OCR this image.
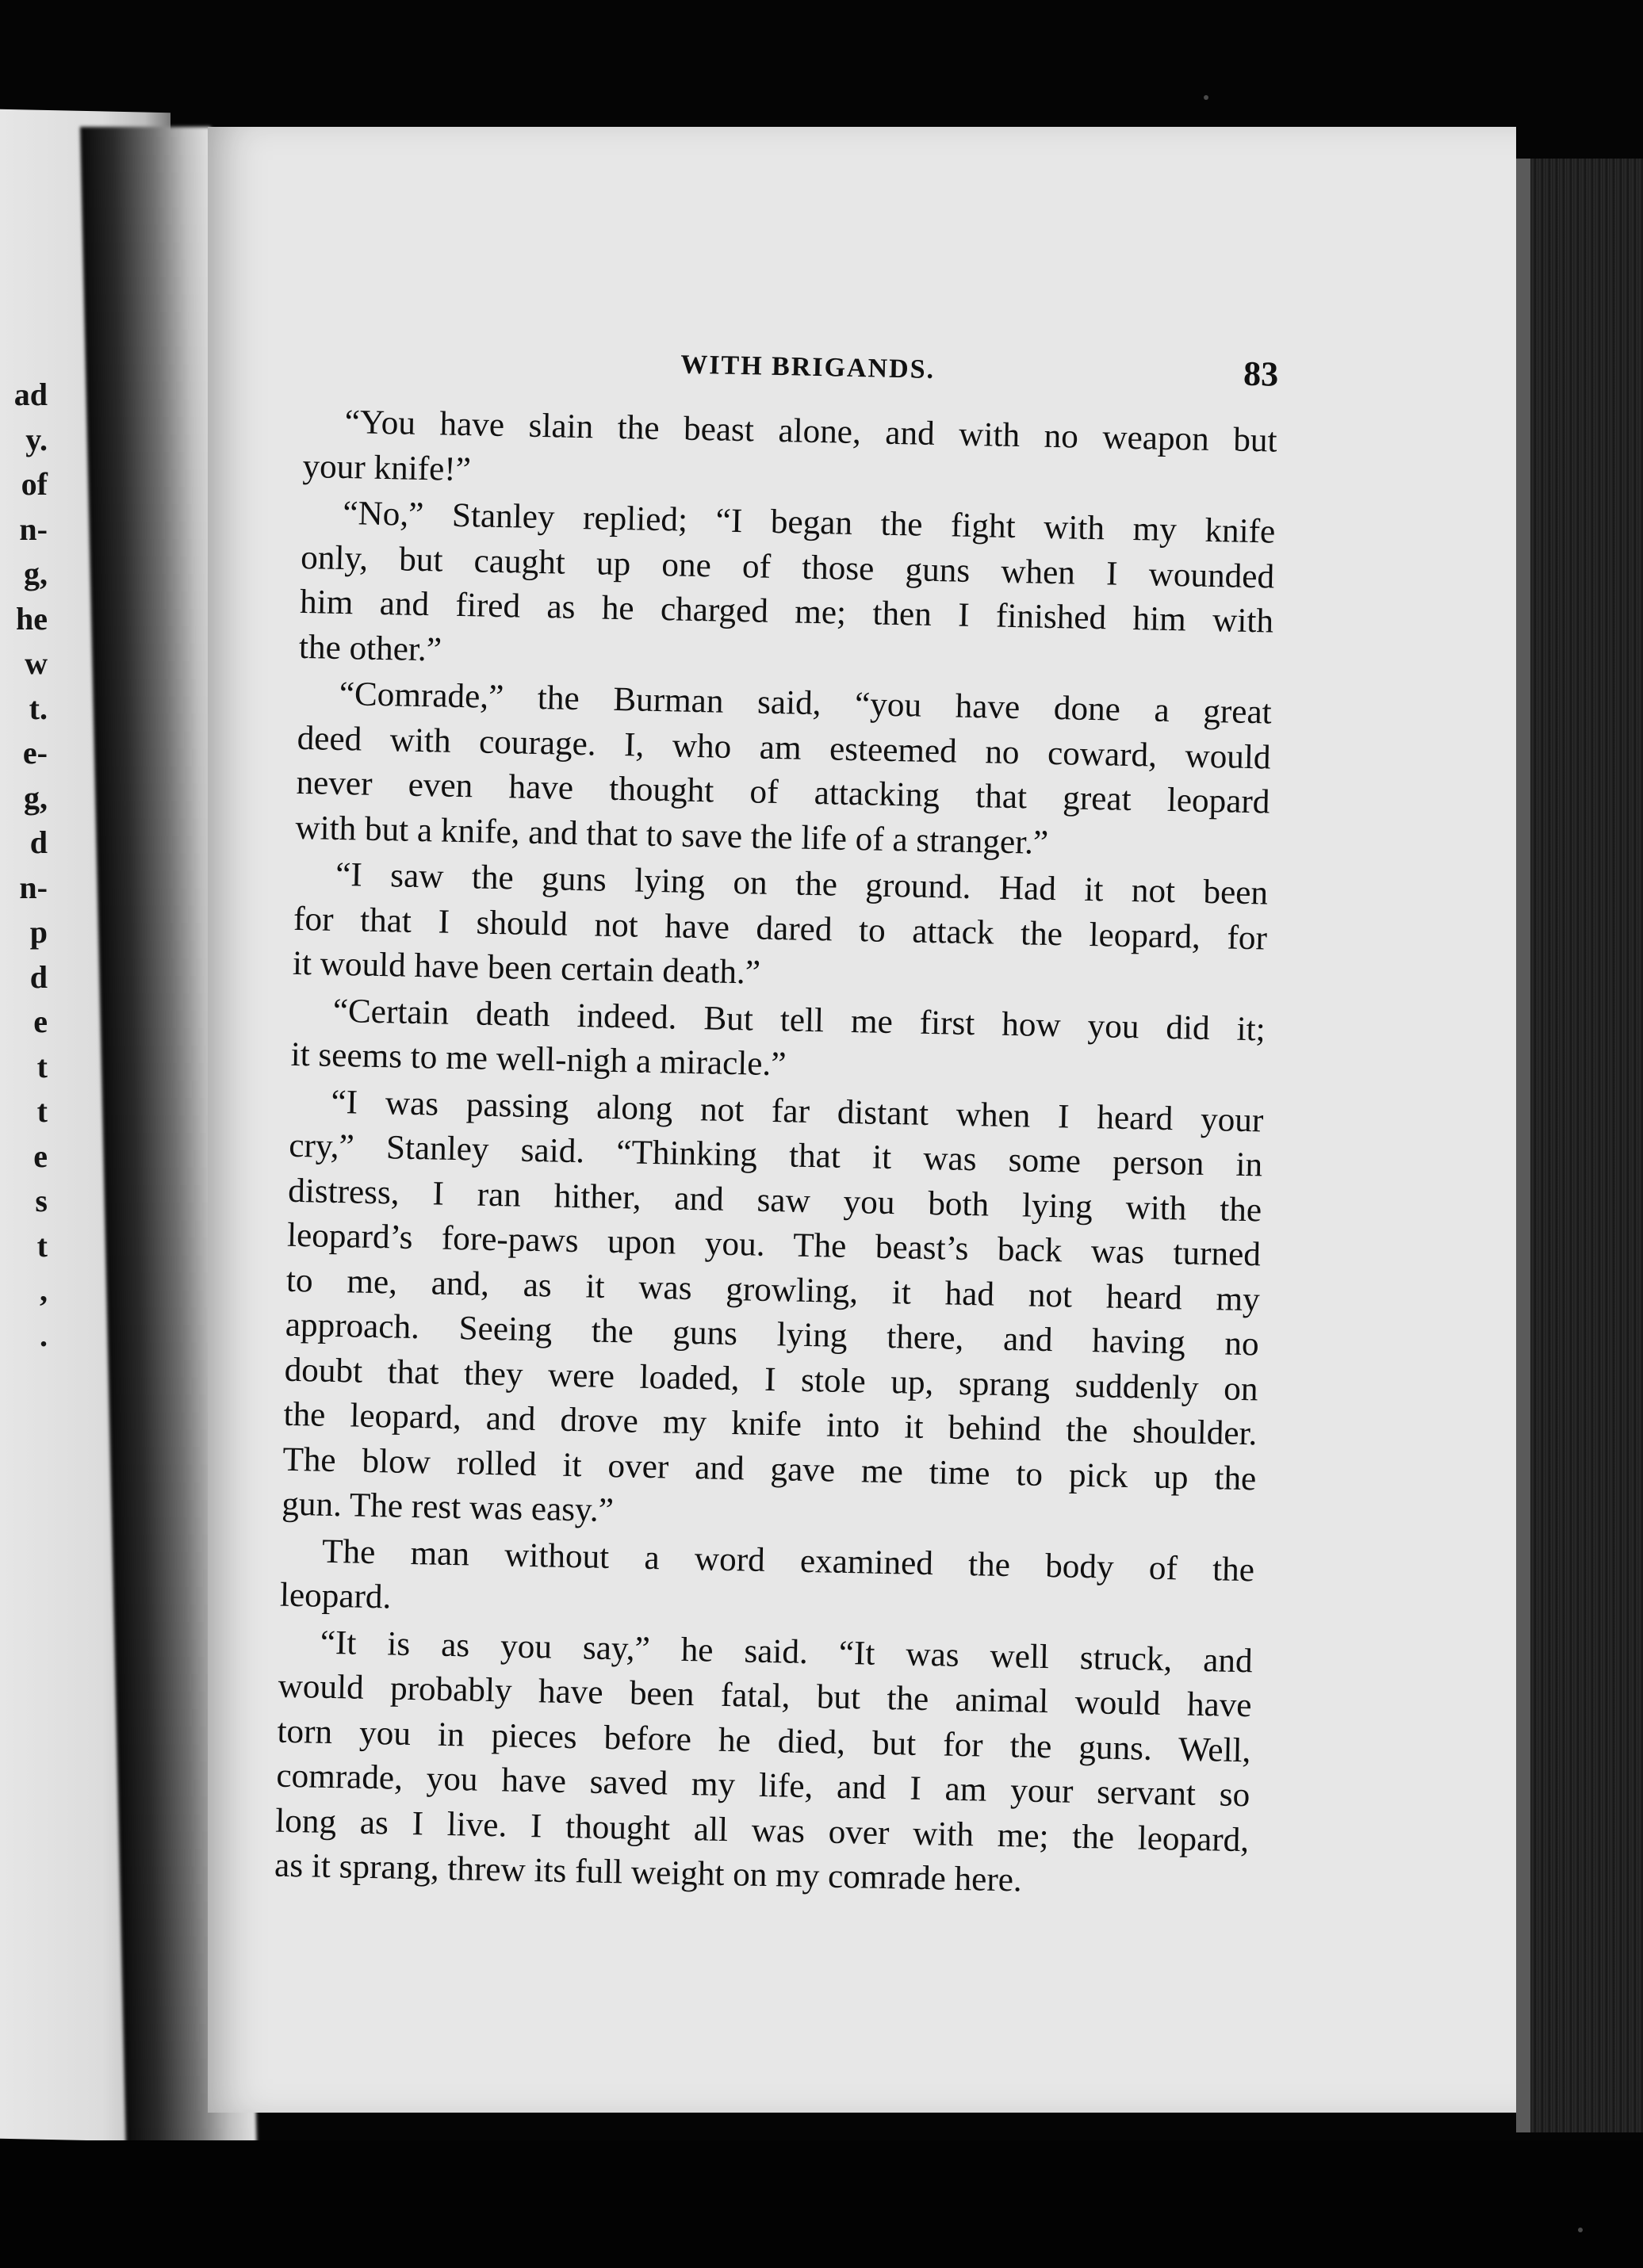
ad
y.
of
n-
g,
he
w
t.
e-
g,
d
n-
p
d
e
t
t
e
s
t
,
.
WITH BRIGANDS.	83
“You have slain the beast alone, and with no weapon but
your knife!”
“No,” Stanley replied; “I began the fight with my knife
only, but caught up one of those guns when I wounded
him and fired as he charged me; then I finished him with
the other.”
“Comrade,” the Burman said, “you have done a great
deed with courage. I, who am esteemed no coward, would
never even have thought of attacking that great leopard
with but a knife, and that to save the life of a stranger.”
“I saw the guns lying on the ground. Had it not been
for that I should not have dared to attack the leopard, for
it would have been certain death.”
“Certain death indeed. But tell me first how you did it;
it seems to me well-nigh a miracle.”
“I was passing along not far distant when I heard your
cry,” Stanley said. “Thinking that it was some person in
distress, I ran hither, and saw you both lying with the
leopard’s fore-paws upon you. The beast’s back was turned
to me, and, as it was growling, it had not heard my
approach. Seeing the guns lying there, and having no
doubt that they were loaded, I stole up, sprang suddenly on
the leopard, and drove my knife into it behind the shoulder.
The blow rolled it over and gave me time to pick up the
gun. The rest was easy.”
The man without a word examined the body of the
leopard.
“It is as you say,” he said. “It was well struck, and
would probably have been fatal, but the animal would have
torn you in pieces before he died, but for the guns. Well,
comrade, you have saved my life, and I am your servant so
long as I live. I thought all was over with me; the leopard,
as it sprang, threw its full weight on my comrade here.
